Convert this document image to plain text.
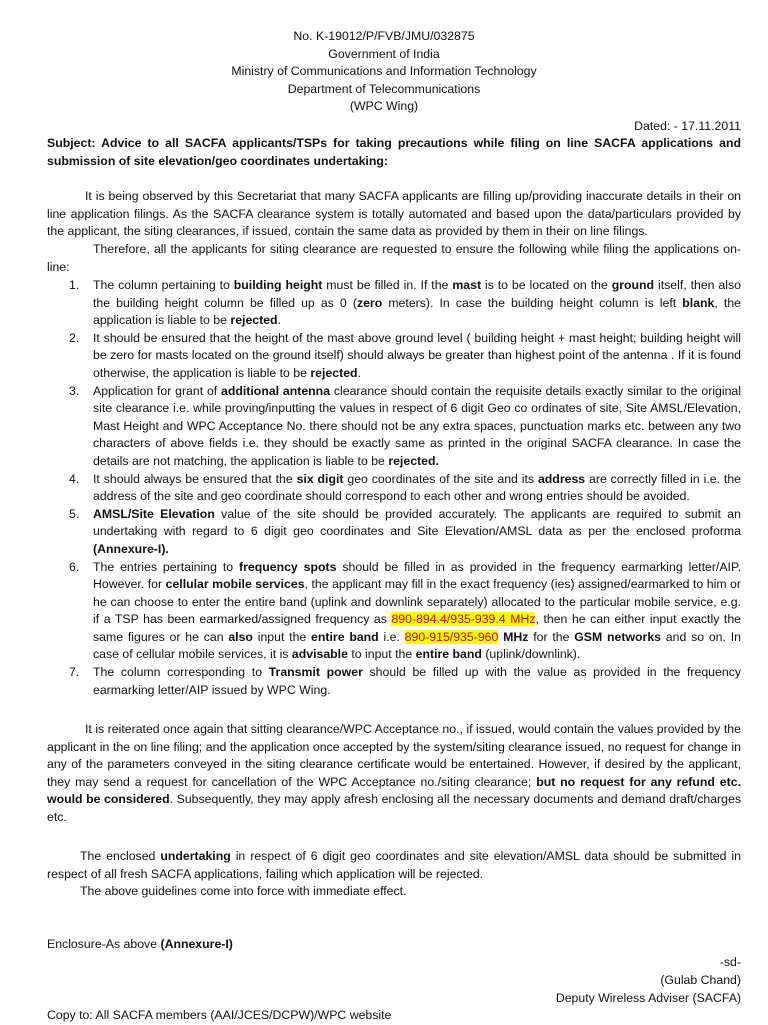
No. K-19012/P/FVB/JMU/032875
Government of India
Ministry of Communications and Information Technology
Department of Telecommunications
(WPC Wing)
Dated: - 17.11.2011
Subject: Advice to all SACFA applicants/TSPs for taking precautions while filing on line SACFA applications and submission of site elevation/geo coordinates undertaking:
It is being observed by this Secretariat that many SACFA applicants are filling up/providing inaccurate details in their on line application filings. As the SACFA clearance system is totally automated and based upon the data/particulars provided by the applicant, the siting clearances, if issued, contain the same data as provided by them in their on line filings.
Therefore, all the applicants for siting clearance are requested to ensure the following while filing the applications on-line:
1. The column pertaining to building height must be filled in. If the mast is to be located on the ground itself, then also the building height column be filled up as 0 (zero meters). In case the building height column is left blank, the application is liable to be rejected.
2. It should be ensured that the height of the mast above ground level ( building height + mast height; building height will be zero for masts located on the ground itself) should always be greater than highest point of the antenna . If it is found otherwise, the application is liable to be rejected.
3. Application for grant of additional antenna clearance should contain the requisite details exactly similar to the original site clearance i.e. while proving/inputting the values in respect of 6 digit Geo co ordinates of site, Site AMSL/Elevation, Mast Height and WPC Acceptance No. there should not be any extra spaces, punctuation marks etc. between any two characters of above fields i.e. they should be exactly same as printed in the original SACFA clearance. In case the details are not matching, the application is liable to be rejected.
4. It should always be ensured that the six digit geo coordinates of the site and its address are correctly filled in i.e. the address of the site and geo coordinate should correspond to each other and wrong entries should be avoided.
5. AMSL/Site Elevation value of the site should be provided accurately. The applicants are required to submit an undertaking with regard to 6 digit geo coordinates and Site Elevation/AMSL data as per the enclosed proforma (Annexure-I).
6. The entries pertaining to frequency spots should be filled in as provided in the frequency earmarking letter/AIP. However. for cellular mobile services, the applicant may fill in the exact frequency (ies) assigned/earmarked to him or he can choose to enter the entire band (uplink and downlink separately) allocated to the particular mobile service, e.g. if a TSP has been earmarked/assigned frequency as 890-894.4/935-939.4 MHz, then he can either input exactly the same figures or he can also input the entire band i.e. 890-915/935-960 MHz for the GSM networks and so on. In case of cellular mobile services, it is advisable to input the entire band (uplink/downlink).
7. The column corresponding to Transmit power should be filled up with the value as provided in the frequency earmarking letter/AIP issued by WPC Wing.
It is reiterated once again that sitting clearance/WPC Acceptance no., if issued, would contain the values provided by the applicant in the on line filing; and the application once accepted by the system/siting clearance issued, no request for change in any of the parameters conveyed in the siting clearance certificate would be entertained. However, if desired by the applicant, they may send a request for cancellation of the WPC Acceptance no./siting clearance; but no request for any refund etc. would be considered. Subsequently, they may apply afresh enclosing all the necessary documents and demand draft/charges etc.
The enclosed undertaking in respect of 6 digit geo coordinates and site elevation/AMSL data should be submitted in respect of all fresh SACFA applications, failing which application will be rejected.
The above guidelines come into force with immediate effect.
Enclosure-As above (Annexure-I)
-sd-
(Gulab Chand)
Deputy Wireless Adviser (SACFA)
Copy to: All SACFA members (AAI/JCES/DCPW)/WPC website
